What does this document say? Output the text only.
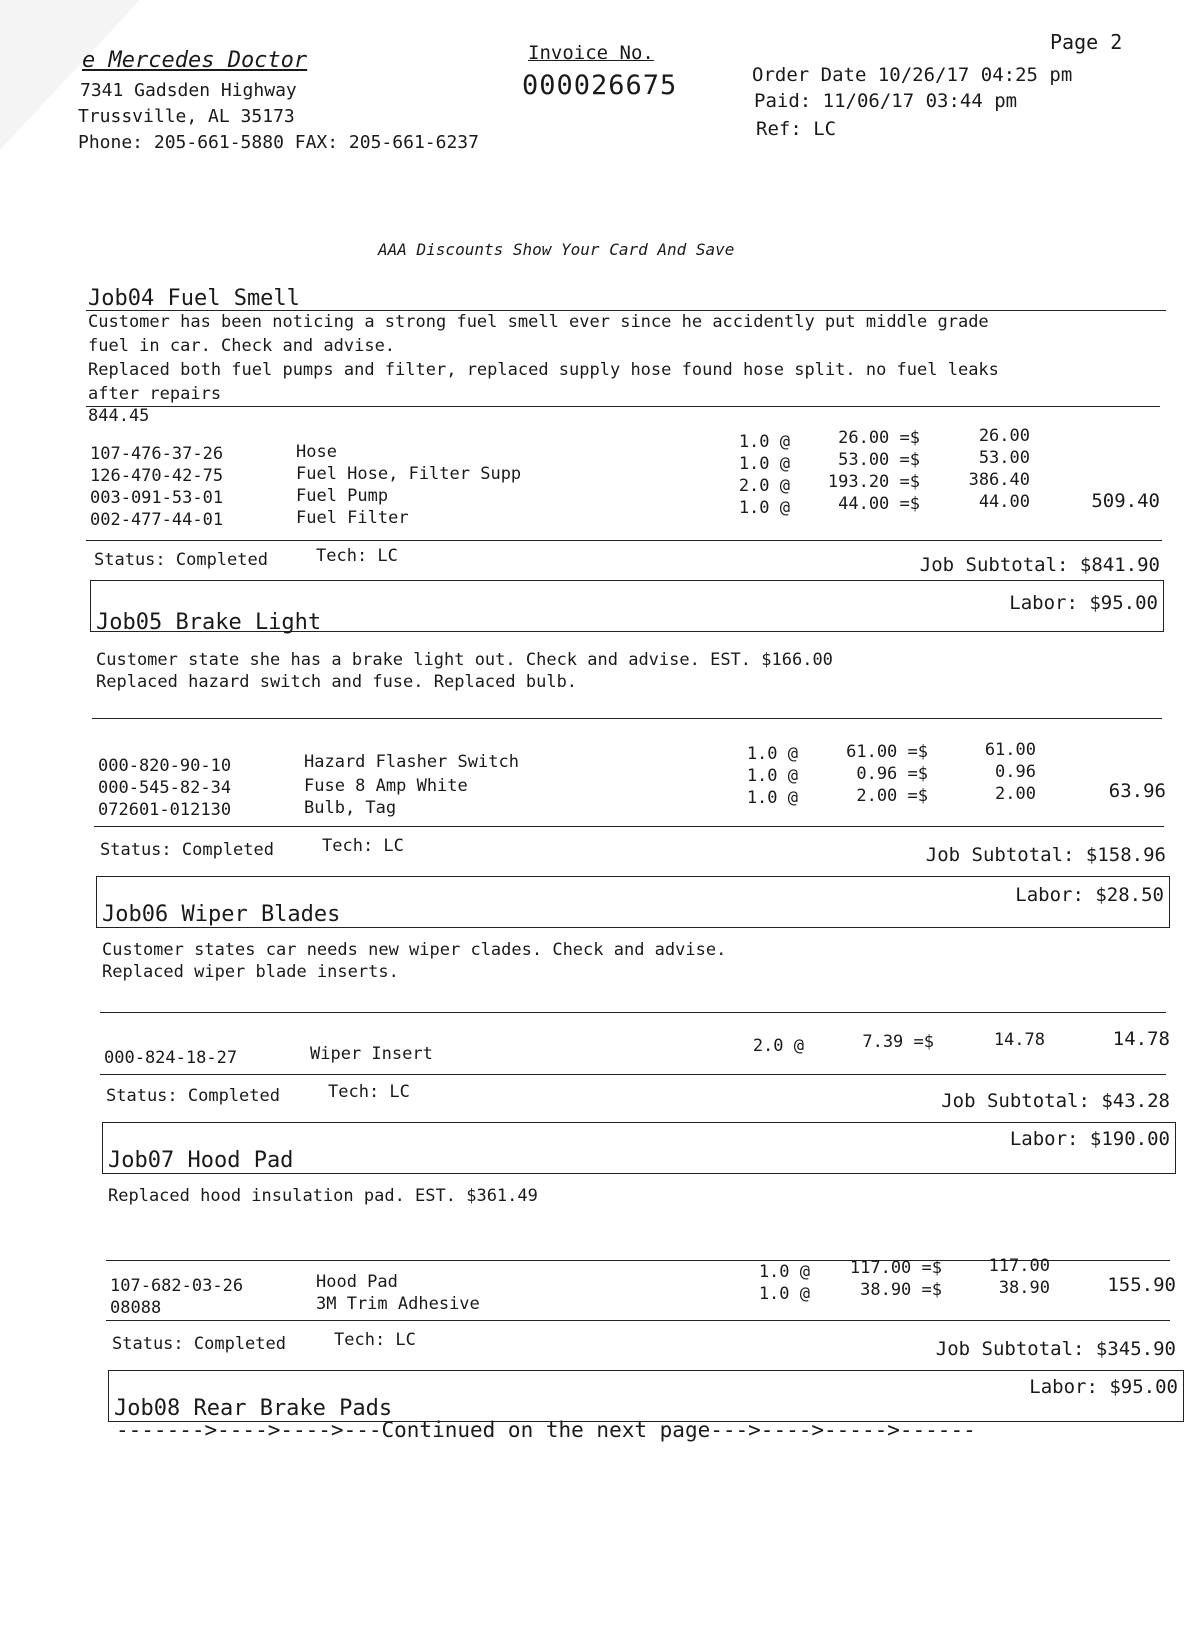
e Mercedes Doctor
7341 Gadsden Highway
Trussville, AL 35173
Phone: 205-661-5880 FAX: 205-661-6237
Invoice No.
000026675
Page 2
Order Date 10/26/17 04:25 pm
Paid: 11/06/17 03:44 pm
Ref: LC
AAA Discounts Show Your Card And Save
Job04 Fuel Smell
Customer has been noticing a strong fuel smell ever since he accidently put middle grade
fuel in car. Check and advise.
Replaced both fuel pumps and filter, replaced supply hose found hose split. no fuel leaks
after repairs
844.45
107-476-37-26	Hose	1.0 @	26.00 =$	26.00
126-470-42-75	Fuel Hose, Filter Supp	1.0 @	53.00 =$	53.00
003-091-53-01	Fuel Pump	2.0 @	193.20 =$	386.40
002-477-44-01	Fuel Filter	1.0 @	44.00 =$	44.00	509.40
Status: Completed	Tech: LC	Job Subtotal: $841.90
Labor: $95.00
Job05 Brake Light
Customer state she has a brake light out. Check and advise. EST. $166.00
Replaced hazard switch and fuse. Replaced bulb.
000-820-90-10	Hazard Flasher Switch	1.0 @	61.00 =$	61.00
000-545-82-34	Fuse 8 Amp White	1.0 @	0.96 =$	0.96
072601-012130	Bulb, Tag	1.0 @	2.00 =$	2.00	63.96
Status: Completed	Tech: LC	Job Subtotal: $158.96
Labor: $28.50
Job06 Wiper Blades
Customer states car needs new wiper clades. Check and advise.
Replaced wiper blade inserts.
000-824-18-27	Wiper Insert	2.0 @	7.39 =$	14.78	14.78
Status: Completed	Tech: LC	Job Subtotal: $43.28
Labor: $190.00
Job07 Hood Pad
Replaced hood insulation pad. EST. $361.49
107-682-03-26	Hood Pad	1.0 @	117.00 =$	117.00
08088	3M Trim Adhesive	1.0 @	38.90 =$	38.90	155.90
Status: Completed	Tech: LC	Job Subtotal: $345.90
Labor: $95.00
Job08 Rear Brake Pads
------->---->---->---Continued on the next page--->---->----->------
